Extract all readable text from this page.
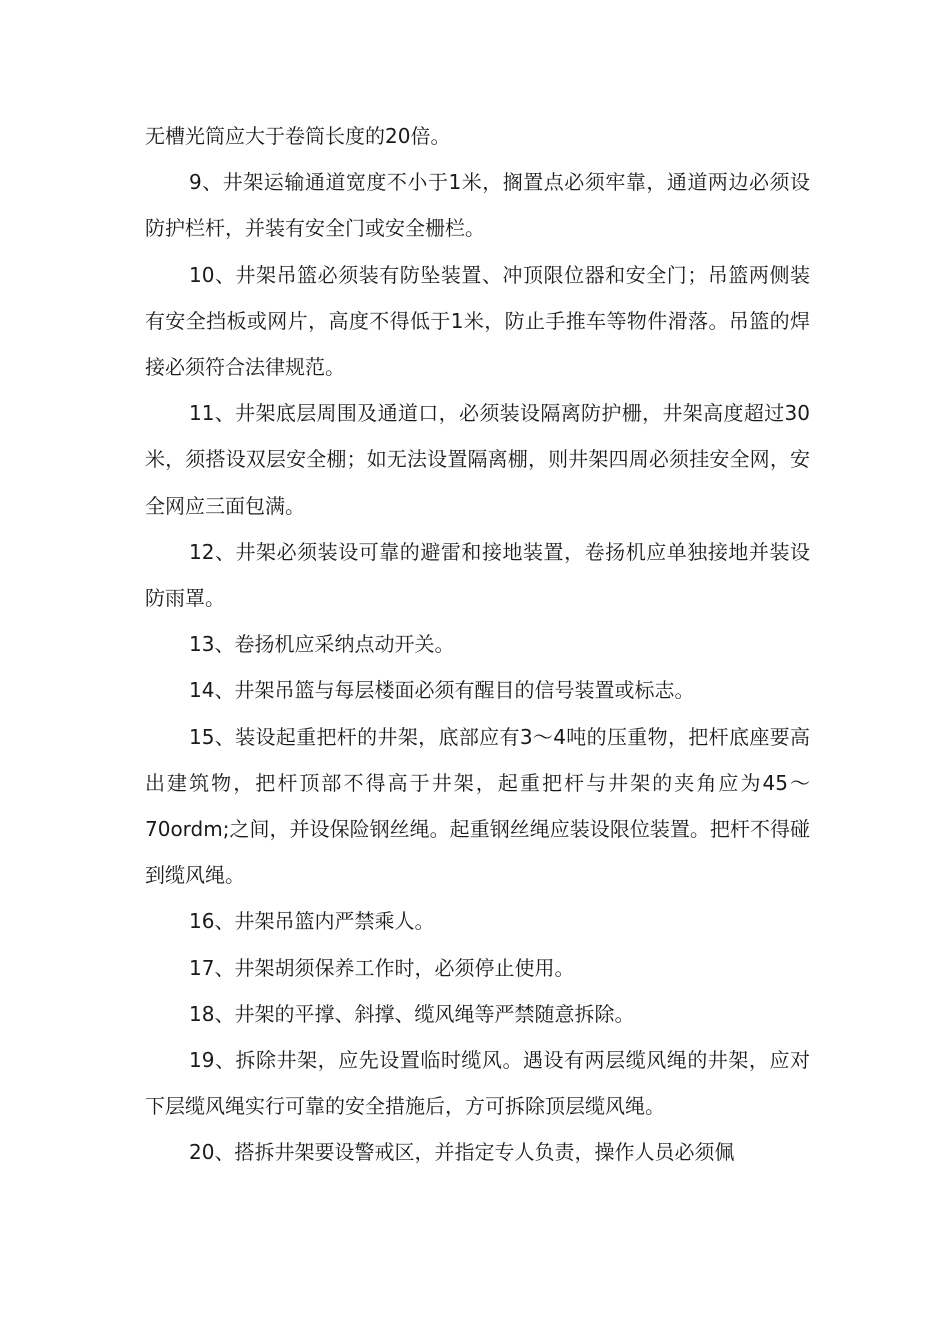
无槽光筒应大于卷筒长度的20倍。

9、井架运输通道宽度不小于1米，搁置点必须牢靠，通道两边必须设防护栏杆，并装有安全门或安全栅栏。

10、井架吊篮必须装有防坠装置、冲顶限位器和安全门；吊篮两侧装有安全挡板或网片，高度不得低于1米，防止手推车等物件滑落。吊篮的焊接必须符合法律规范。

11、井架底层周围及通道口，必须装设隔离防护栅，井架高度超过30米，须搭设双层安全棚；如无法设置隔离棚，则井架四周必须挂安全网，安全网应三面包满。

12、井架必须装设可靠的避雷和接地装置，卷扬机应单独接地并装设防雨罩。

13、卷扬机应采纳点动开关。

14、井架吊篮与每层楼面必须有醒目的信号装置或标志。

15、装设起重把杆的井架，底部应有3～4吨的压重物，把杆底座要高出建筑物，把杆顶部不得高于井架，起重把杆与井架的夹角应为45～70ordm;之间，并设保险钢丝绳。起重钢丝绳应装设限位装置。把杆不得碰到缆风绳。

16、井架吊篮内严禁乘人。

17、井架胡须保养工作时，必须停止使用。

18、井架的平撑、斜撑、缆风绳等严禁随意拆除。

19、拆除井架，应先设置临时缆风。遇设有两层缆风绳的井架，应对下层缆风绳实行可靠的安全措施后，方可拆除顶层缆风绳。

20、搭拆井架要设警戒区，并指定专人负责，操作人员必须佩
